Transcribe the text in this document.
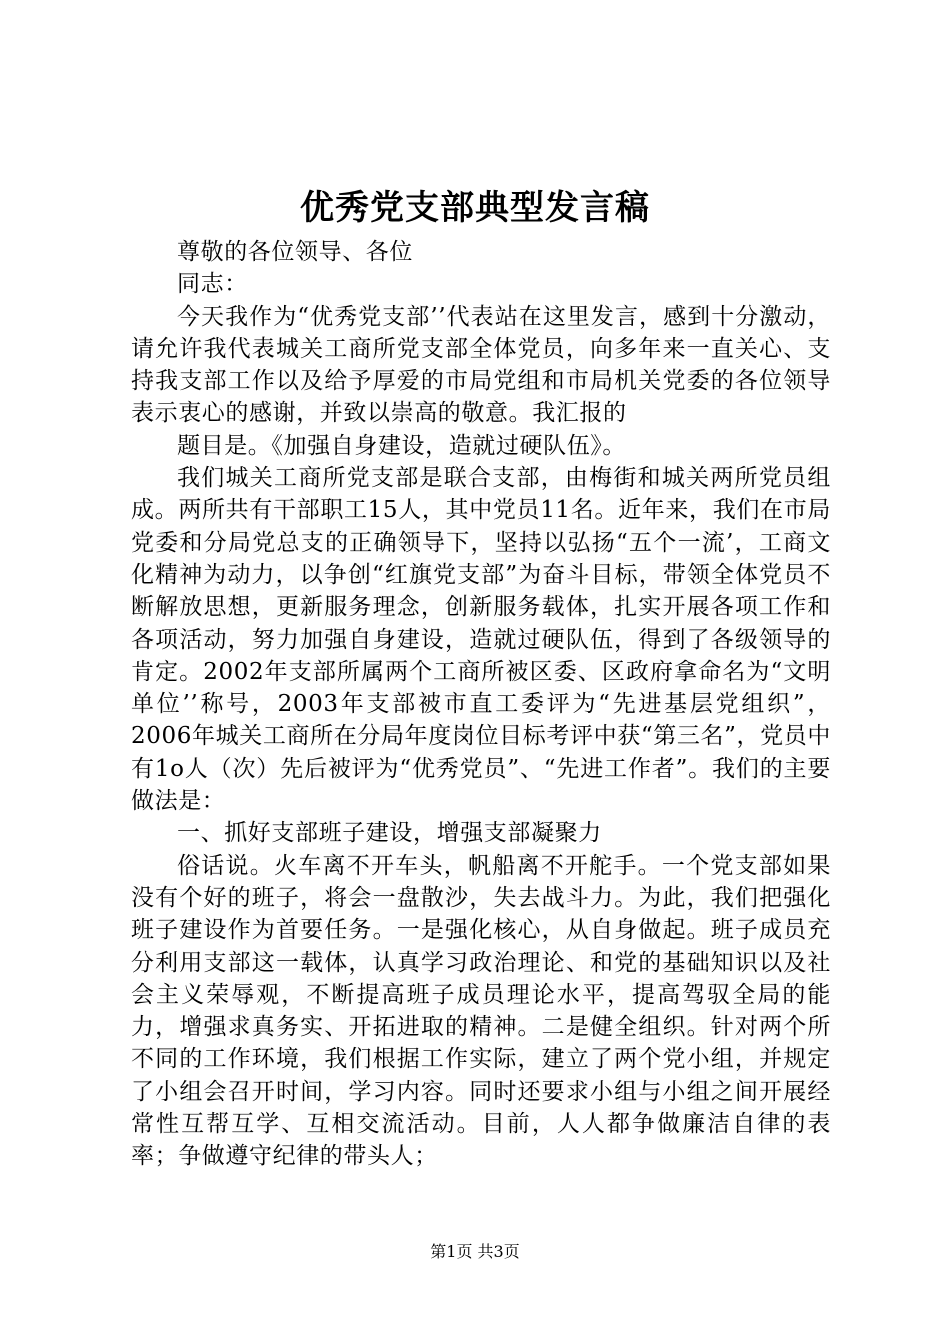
优秀党支部典型发言稿

尊敬的各位领导、各位

同志：

今天我作为“优秀党支部’’代表站在这里发言，感到十分激动，请允许我代表城关工商所党支部全体党员，向多年来一直关心、支持我支部工作以及给予厚爱的市局党组和市局机关党委的各位领导表示衷心的感谢，并致以崇高的敬意。我汇报的

题目是。《加强自身建设，造就过硬队伍》。

我们城关工商所党支部是联合支部，由梅街和城关两所党员组成。两所共有干部职工15人，其中党员11名。近年来，我们在市局党委和分局党总支的正确领导下，坚持以弘扬“五个一流’，工商文化精神为动力，以争创“红旗党支部”为奋斗目标，带领全体党员不断解放思想，更新服务理念，创新服务载体，扎实开展各项工作和各项活动，努力加强自身建设，造就过硬队伍，得到了各级领导的肯定。2002年支部所属两个工商所被区委、区政府拿命名为“文明单位’’称号，2003年支部被市直工委评为“先进基层党组织”，2006年城关工商所在分局年度岗位目标考评中获“第三名”，党员中有1o人（次）先后被评为“优秀党员”、“先进工作者”。我们的主要做法是：

一、抓好支部班子建设，增强支部凝聚力

俗话说。火车离不开车头，帆船离不开舵手。一个党支部如果没有个好的班子，将会一盘散沙，失去战斗力。为此，我们把强化班子建设作为首要任务。一是强化核心，从自身做起。班子成员充分利用支部这一载体，认真学习政治理论、和党的基础知识以及社会主义荣辱观，不断提高班子成员理论水平，提高驾驭全局的能力，增强求真务实、开拓进取的精神。二是健全组织。针对两个所不同的工作环境，我们根据工作实际，建立了两个党小组，并规定了小组会召开时间，学习内容。同时还要求小组与小组之间开展经常性互帮互学、互相交流活动。目前，人人都争做廉洁自律的表率；争做遵守纪律的带头人；

第1页 共3页
